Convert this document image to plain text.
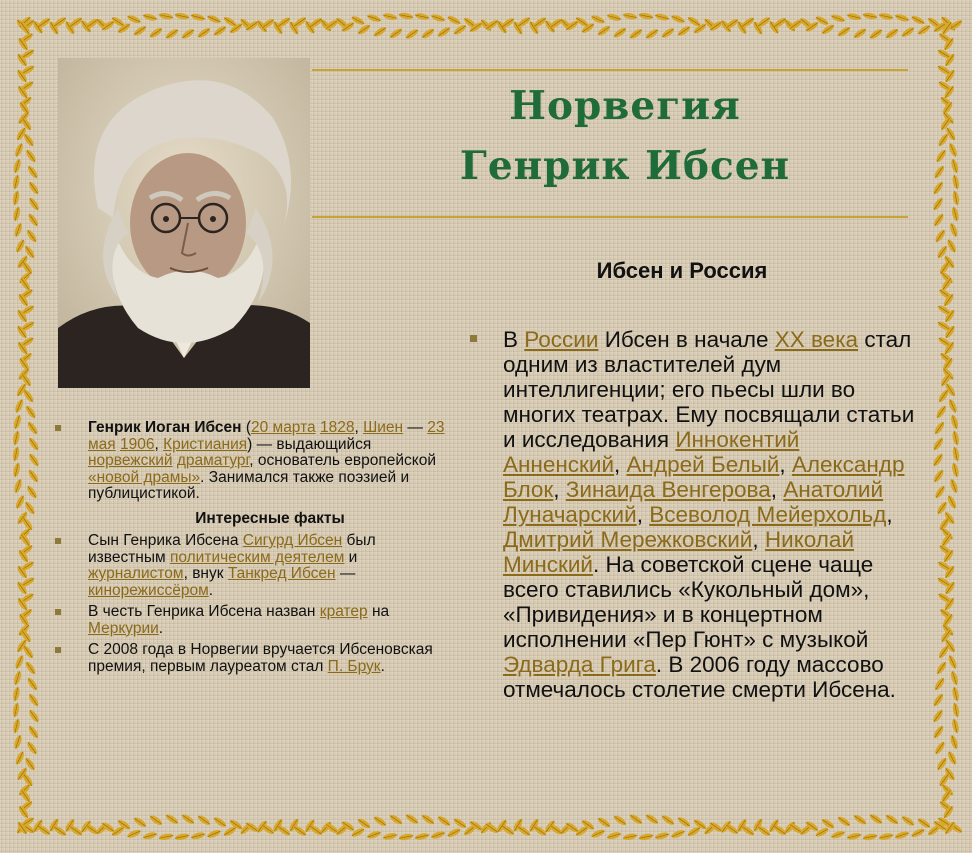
Норвегия
Генрик Ибсен
Ибсен и Россия
Генрик Иоган Ибсен (20 марта 1828, Шиен — 23 мая 1906, Кристиания) — выдающийся норвежский драматург, основатель европейской «новой драмы». Занимался также поэзией и публицистикой.
Интересные факты
Сын Генрика Ибсена Сигурд Ибсен был известным политическим деятелем и журналистом, внук Танкред Ибсен — кинорежиссёром.
В честь Генрика Ибсена назван кратер на Меркурии.
С 2008 года в Норвегии вручается Ибсеновская премия, первым лауреатом стал П. Брук.

В России Ибсен в начале XX века стал одним из властителей дум интеллигенции; его пьесы шли во многих театрах. Ему посвящали статьи и исследования Иннокентий Анненский, Андрей Белый, Александр Блок, Зинаида Венгерова, Анатолий Луначарский, Всеволод Мейерхольд, Дмитрий Мережковский, Николай Минский. На советской сцене чаще всего ставились «Кукольный дом», «Привидения» и в концертном исполнении «Пер Гюнт» с музыкой Эдварда Грига. В 2006 году массово отмечалось столетие смерти Ибсена.
